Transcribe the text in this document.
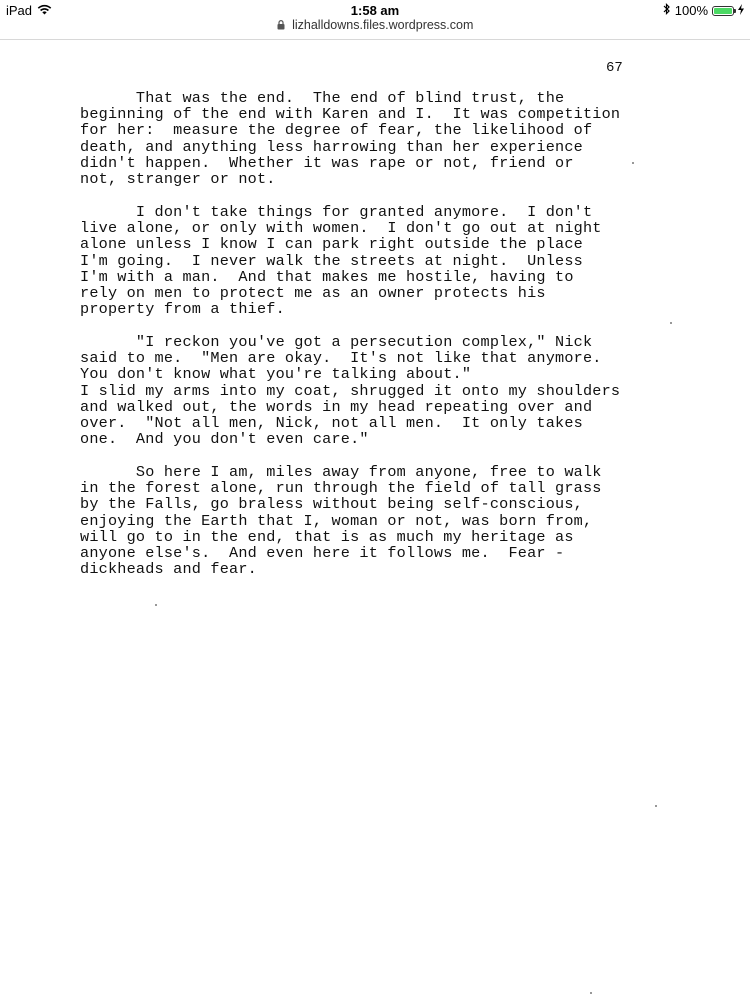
iPad	1:58 am	100%
lizhalldowns.files.wordpress.com
67
That was the end.  The end of blind trust, the
beginning of the end with Karen and I.  It was competition
for her:  measure the degree of fear, the likelihood of
death, and anything less harrowing than her experience
didn't happen.  Whether it was rape or not, friend or
not, stranger or not.
I don't take things for granted anymore.  I don't
live alone, or only with women.  I don't go out at night
alone unless I know I can park right outside the place
I'm going.  I never walk the streets at night.  Unless
I'm with a man.  And that makes me hostile, having to
rely on men to protect me as an owner protects his
property from a thief.
"I reckon you've got a persecution complex," Nick
said to me.  "Men are okay.  It's not like that anymore.
You don't know what you're talking about."
I slid my arms into my coat, shrugged it onto my shoulders
and walked out, the words in my head repeating over and
over.  "Not all men, Nick, not all men.  It only takes
one.  And you don't even care."
So here I am, miles away from anyone, free to walk
in the forest alone, run through the field of tall grass
by the Falls, go braless without being self-conscious,
enjoying the Earth that I, woman or not, was born from,
will go to in the end, that is as much my heritage as
anyone else's.  And even here it follows me.  Fear -
dickheads and fear.
